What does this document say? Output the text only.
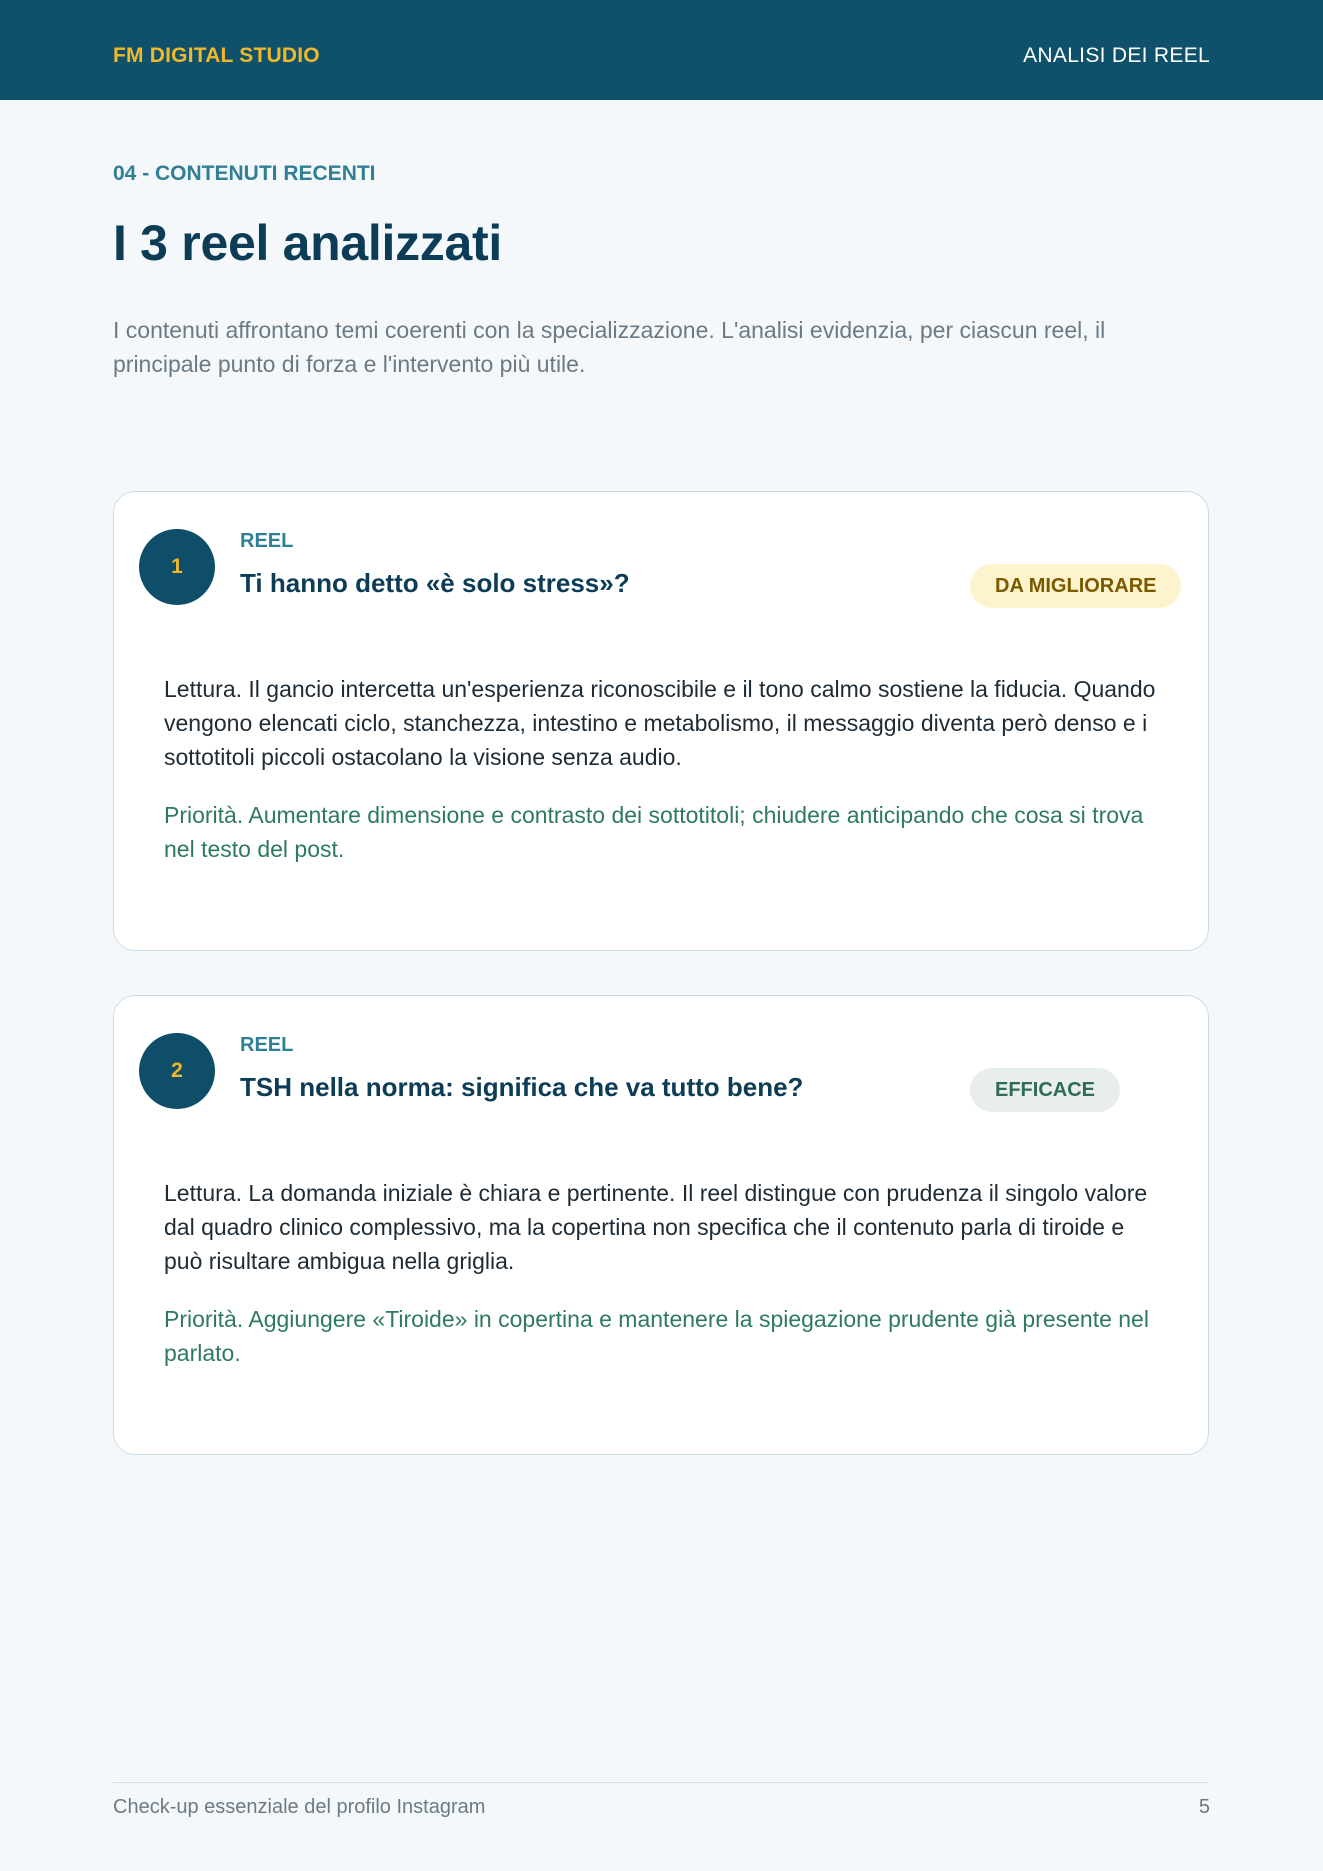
FM DIGITAL STUDIO	ANALISI DEI REEL
04 - CONTENUTI RECENTI
I 3 reel analizzati

I contenuti affrontano temi coerenti con la specializzazione. L'analisi evidenzia, per ciascun reel, il principale punto di forza e l'intervento più utile.

1
REEL
Ti hanno detto «è solo stress»?	DA MIGLIORARE

Lettura. Il gancio intercetta un'esperienza riconoscibile e il tono calmo sostiene la fiducia. Quando vengono elencati ciclo, stanchezza, intestino e metabolismo, il messaggio diventa però denso e i sottotitoli piccoli ostacolano la visione senza audio.

Priorità. Aumentare dimensione e contrasto dei sottotitoli; chiudere anticipando che cosa si trova nel testo del post.

2
REEL
TSH nella norma: significa che va tutto bene?	EFFICACE

Lettura. La domanda iniziale è chiara e pertinente. Il reel distingue con prudenza il singolo valore dal quadro clinico complessivo, ma la copertina non specifica che il contenuto parla di tiroide e può risultare ambigua nella griglia.

Priorità. Aggiungere «Tiroide» in copertina e mantenere la spiegazione prudente già presente nel parlato.

Check-up essenziale del profilo Instagram	5
